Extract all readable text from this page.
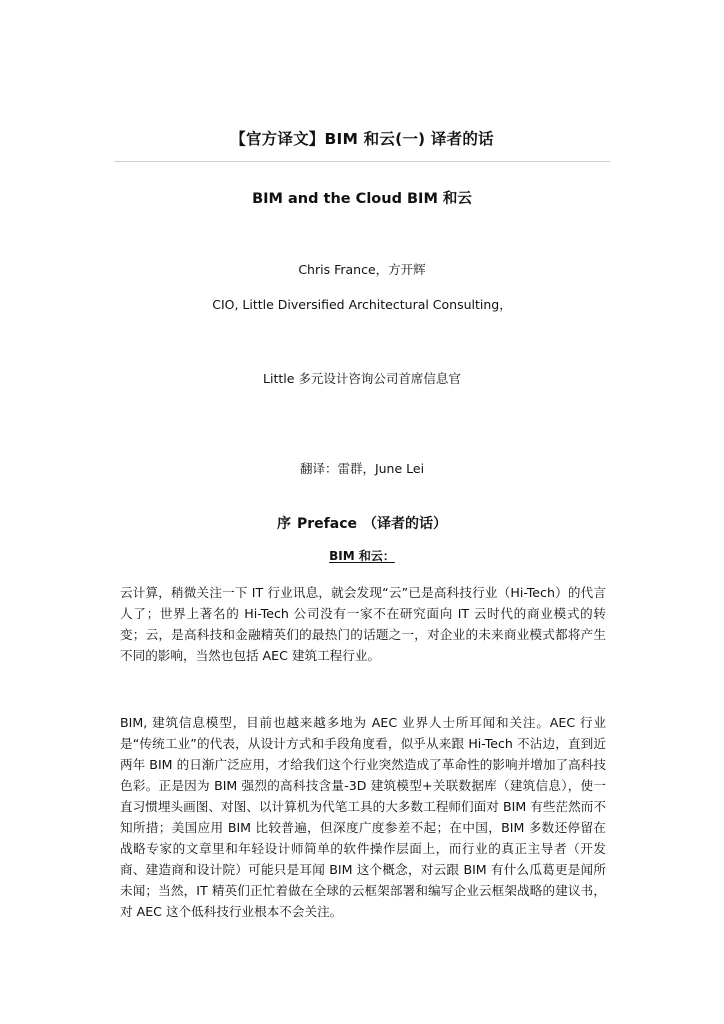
【官方译文】BIM 和云(一) 译者的话
BIM and the Cloud BIM 和云
Chris France，方开辉
CIO, Little Diversified Architectural Consulting，
Little 多元设计咨询公司首席信息官
翻译：雷群，June Lei
序 Preface （译者的话）
BIM 和云：

云计算，稍微关注一下 IT 行业讯息，就会发现“云”已是高科技行业（Hi-Tech）的代言人了；世界上著名的 Hi-Tech 公司没有一家不在研究面向 IT 云时代的商业模式的转变；云，是高科技和金融精英们的最热门的话题之一，对企业的未来商业模式都将产生不同的影响，当然也包括 AEC 建筑工程行业。

BIM, 建筑信息模型，目前也越来越多地为 AEC 业界人士所耳闻和关注。AEC 行业是“传统工业”的代表，从设计方式和手段角度看，似乎从来跟 Hi-Tech 不沾边，直到近两年 BIM 的日渐广泛应用，才给我们这个行业突然造成了革命性的影响并增加了高科技色彩。正是因为 BIM 强烈的高科技含量-3D 建筑模型+关联数据库（建筑信息），使一直习惯埋头画图、对图、以计算机为代笔工具的大多数工程师们面对 BIM 有些茫然而不知所措；美国应用 BIM 比较普遍，但深度广度参差不起；在中国，BIM 多数还停留在战略专家的文章里和年轻设计师简单的软件操作层面上，而行业的真正主导者（开发商、建造商和设计院）可能只是耳闻 BIM 这个概念，对云跟 BIM 有什么瓜葛更是闻所未闻；当然，IT 精英们正忙着做在全球的云框架部署和编写企业云框架战略的建议书，对 AEC 这个低科技行业根本不会关注。
